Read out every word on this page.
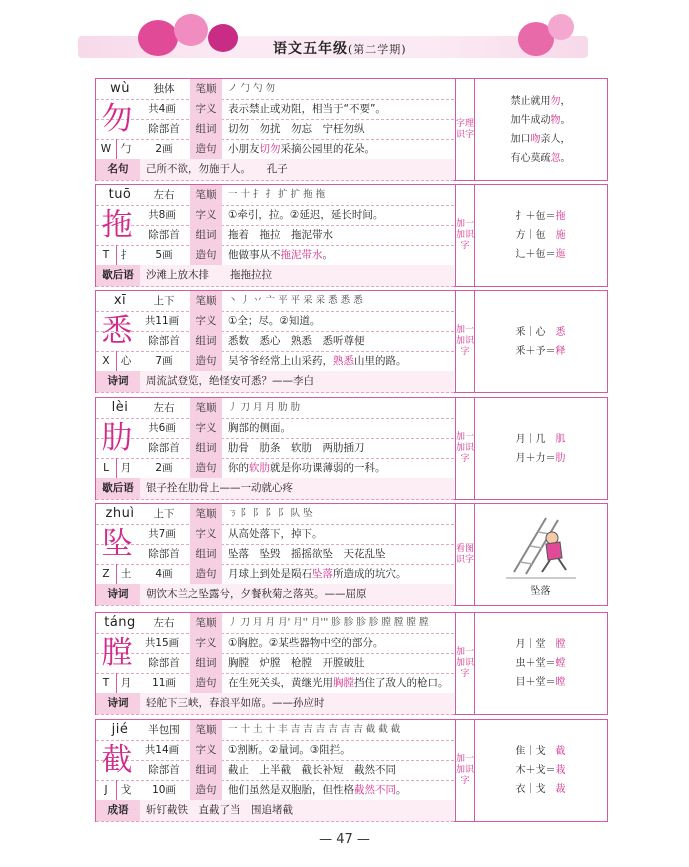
语文五年级(第二学期)
wù	独体	笔顺	ノ 勹 勺 勿
共4画	字义	表示禁止或劝阻，相当于“不要”。
除部首	组词	切勿　勿扰　勿忘　宁枉勿纵
W 勹	2画	造句	小朋友切勿采摘公园里的花朵。
名句	己所不欲，勿施于人。　　孔子
勿	字理识字
禁止就用勿，
加牛成动物。
加口吻亲人，
有心莫疏忽。
tuō	左右	笔顺	一 十 扌 扌 扩 扩 拖 拖
共8画	字义	①牵引，拉。②延迟，延长时间。
除部首	组词	拖着　拖拉　拖泥带水
T	扌	5画	造句	他做事从不拖泥带水。
歇后语	沙滩上放木排　　拖拖拉拉
拖	加一加识字
扌＋㐌＝拖
方｜㐌　施
辶＋㐌＝迤
xī	上下	笔顺	丶 丿 丷 亠 平 平 采 采 悉 悉 悉
共11画	字义	①全；尽。②知道。
除部首	组词	悉数　悉心　熟悉　悉听尊便
X	心	7画	造句	吴爷爷经常上山采药，熟悉山里的路。
诗词	周流試登览，绝怪安可悉？——李白
悉	加一加识字
釆｜心　悉
釆＋予＝释
lèi	左右	笔顺	丿 刀 月 月 肋 肋
共6画	字义	胸部的侧面。
除部首	组词	肋骨　肋条　软肋　两肋插刀
L	月	2画	造句	你的软肋就是你功课薄弱的一科。
歇后语	银子拴在肋骨上——一动就心疼
肋	加一加识字
月｜几　肌
月＋力＝肋
zhuì	上下	笔顺	ㄋ 阝 阝 阝 阝 队 坠
共7画	字义	从高处落下，掉下。
除部首	组词	坠落　坠毁　摇摇欲坠　天花乱坠
Z	土	4画	造句	月球上到处是陨石坠落所造成的坑穴。
诗词	朝饮木兰之坠露兮，夕餐秋菊之落英。——屈原
坠	看图识字
坠落
táng	左右	笔顺	丿 刀 月 月 月' 月'' 月''' 胗 胗 胗 胗 膛 膛 膛 膛
共15画	字义	①胸腔。②某些器物中空的部分。
除部首	组词	胸膛　炉膛　枪膛　开膛破肚
T	月	11画	造句	在生死关头，黄继光用胸膛挡住了敌人的枪口。
诗词	轻舵下三峡，春浪平如席。——孙应时
膛	加一加识字
月｜堂　膛
虫＋堂＝螳
目＋堂＝瞠
jié	半包围	笔顺	一 十 土 十 丰 吉 吉 吉 吉 吉 吉 截 截 截
共14画	字义	①割断。②量词。③阻拦。
除部首	组词	截止　上半截　截长补短　截然不同
J	戈	10画	造句	他们虽然是双胞胎，但性格截然不同。
成语	斩钉截铁　直截了当　围追堵截
截	加一加识字
隹｜戈　截
木＋戈＝栽
衣｜戈　裁
— 47 —
